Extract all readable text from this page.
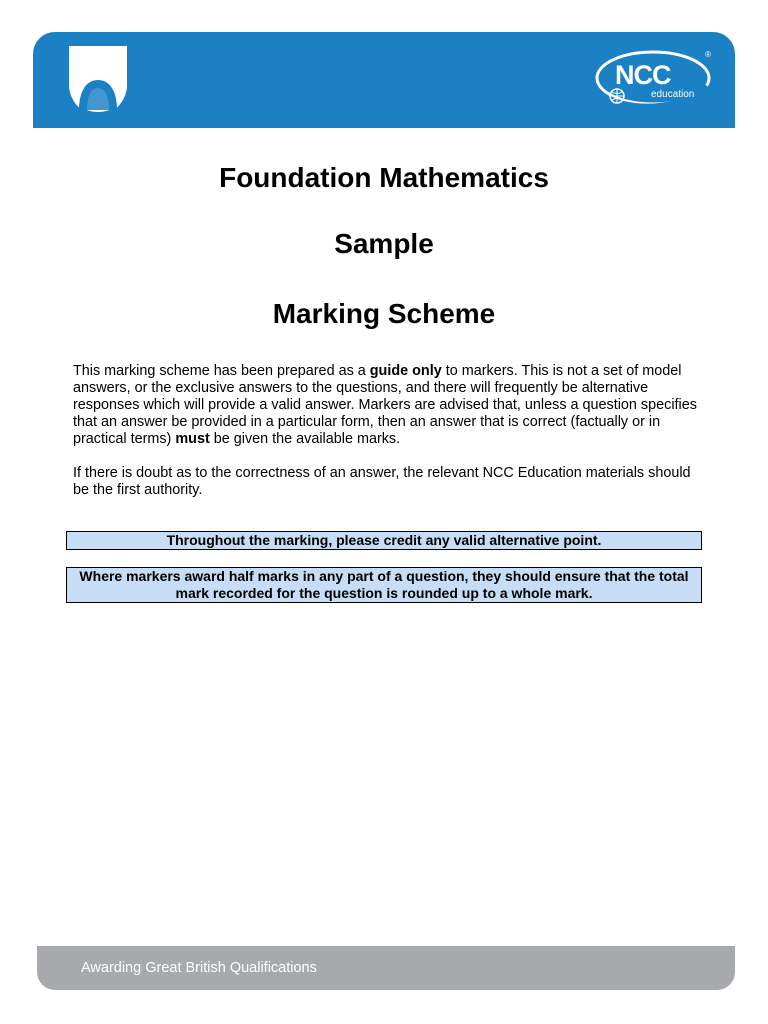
NCC
education
®
Foundation Mathematics
Sample
Marking Scheme

This marking scheme has been prepared as a guide only to markers. This is not a set of model answers, or the exclusive answers to the questions, and there will frequently be alternative responses which will provide a valid answer. Markers are advised that, unless a question specifies that an answer be provided in a particular form, then an answer that is correct (factually or in practical terms) must be given the available marks.

If there is doubt as to the correctness of an answer, the relevant NCC Education materials should be the first authority.

Throughout the marking, please credit any valid alternative point.
Where markers award half marks in any part of a question, they should ensure that the total mark recorded for the question is rounded up to a whole mark.
Awarding Great British Qualifications
